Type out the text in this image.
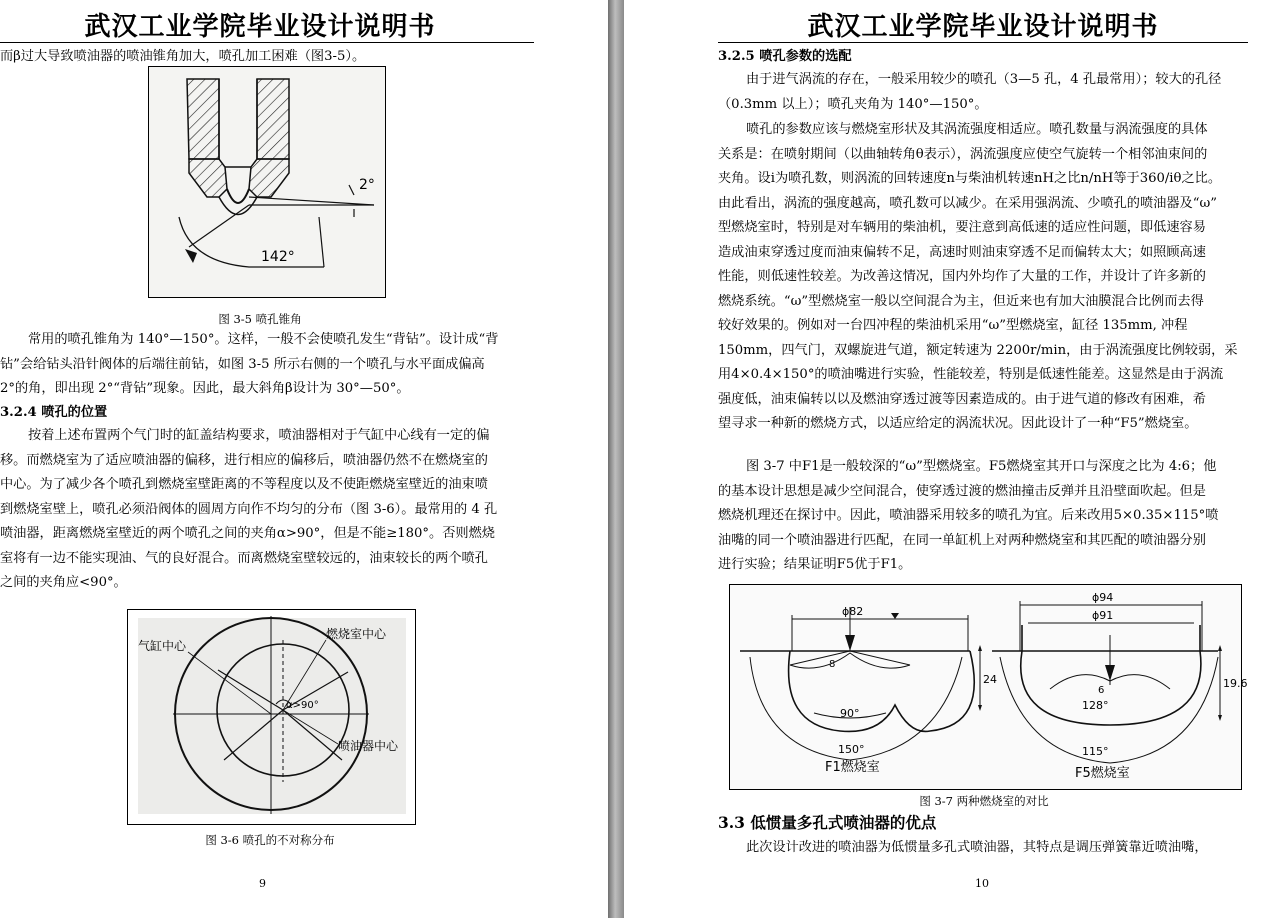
武汉工业学院毕业设计说明书
而β过大导致喷油器的喷油锥角加大，喷孔加工困难（图3-5）。
2°
142°
图 3-5 喷孔锥角
常用的喷孔锥角为 140°—150°。这样，一般不会使喷孔发生“背钻”。设计成“背
钻”会给钻头沿针阀体的后端往前钻，如图 3-5 所示右侧的一个喷孔与水平面成偏高
2°的角，即出现 2°“背钻”现象。因此，最大斜角β设计为 30°—50°。
3.2.4 喷孔的位置
按着上述布置两个气门时的缸盖结构要求，喷油器相对于气缸中心线有一定的偏
移。而燃烧室为了适应喷油器的偏移，进行相应的偏移后，喷油器仍然不在燃烧室的
中心。为了减少各个喷孔到燃烧室壁距离的不等程度以及不使距燃烧室壁近的油束喷
到燃烧室壁上，喷孔必须沿阀体的圆周方向作不均匀的分布（图 3-6）。最常用的 4 孔
喷油器，距离燃烧室壁近的两个喷孔之间的夹角α>90°，但是不能≥180°。否则燃烧
室将有一边不能实现油、气的良好混合。而离燃烧室壁较远的，油束较长的两个喷孔
之间的夹角应<90°。
气缸中心
燃烧室中心
α>90°
喷油器中心
图 3-6 喷孔的不对称分布
9
武汉工业学院毕业设计说明书
3.2.5 喷孔参数的选配
由于进气涡流的存在，一般采用较少的喷孔（3—5 孔，4 孔最常用）；较大的孔径
（0.3mm 以上）；喷孔夹角为 140°—150°。
喷孔的参数应该与燃烧室形状及其涡流强度相适应。喷孔数量与涡流强度的具体
关系是：在喷射期间（以曲轴转角θ表示），涡流强度应使空气旋转一个相邻油束间的
夹角。设i为喷孔数，则涡流的回转速度n与柴油机转速nH之比n/nH等于360/iθ之比。
由此看出，涡流的强度越高，喷孔数可以减少。在采用强涡流、少喷孔的喷油器及“ω”
型燃烧室时，特别是对车辆用的柴油机，要注意到高低速的适应性问题，即低速容易
造成油束穿透过度而油束偏转不足，高速时则油束穿透不足而偏转太大；如照顾高速
性能，则低速性较差。为改善这情况，国内外均作了大量的工作，并设计了许多新的
燃烧系统。“ω”型燃烧室一般以空间混合为主，但近来也有加大油膜混合比例而去得
较好效果的。例如对一台四冲程的柴油机采用“ω”型燃烧室，缸径 135mm, 冲程
150mm，四气门，双螺旋进气道，额定转速为 2200r/min，由于涡流强度比例较弱，采
用4×0.4×150°的喷油嘴进行实验，性能较差，特别是低速性能差。这显然是由于涡流
强度低，油束偏转以以及燃油穿透过渡等因素造成的。由于进气道的修改有困难，希
望寻求一种新的燃烧方式，以适应给定的涡流状况。因此设计了一种“F5”燃烧室。
图 3-7 中F1是一般较深的“ω”型燃烧室。F5燃烧室其开口与深度之比为 4:6；他
的基本设计思想是减少空间混合，使穿透过渡的燃油撞击反弹并且沿壁面吹起。但是
燃烧机理还在探讨中。因此，喷油器采用较多的喷孔为宜。后来改用5×0.35×115°喷
油嘴的同一个喷油器进行匹配，在同一单缸机上对两种燃烧室和其匹配的喷油器分别
进行实验；结果证明F5优于F1。
ϕ82
24
8
90°
150°
F1燃烧室
ϕ94
ϕ91
19.6
6
128°
115°
F5燃烧室
图 3-7 两种燃烧室的对比
3.3 低惯量多孔式喷油器的优点
此次设计改进的喷油器为低惯量多孔式喷油器，其特点是调压弹簧靠近喷油嘴，
10
